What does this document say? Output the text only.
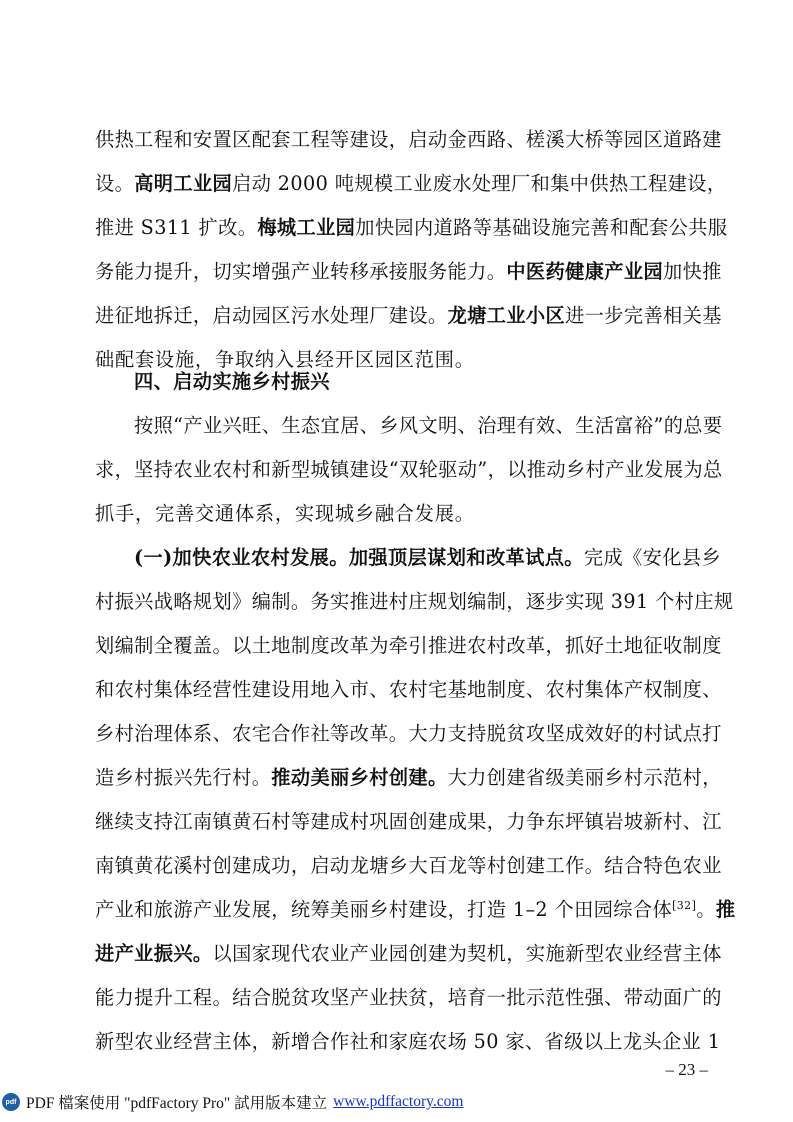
供热工程和安置区配套工程等建设，启动金西路、槎溪大桥等园区道路建
设。高明工业园启动 2000 吨规模工业废水处理厂和集中供热工程建设，
推进 S311 扩改。梅城工业园加快园内道路等基础设施完善和配套公共服
务能力提升，切实增强产业转移承接服务能力。中医药健康产业园加快推
进征地拆迁，启动园区污水处理厂建设。龙塘工业小区进一步完善相关基
础配套设施，争取纳入县经开区园区范围。
四、启动实施乡村振兴
按照“产业兴旺、生态宜居、乡风文明、治理有效、生活富裕”的总要
求，坚持农业农村和新型城镇建设“双轮驱动”，以推动乡村产业发展为总
抓手，完善交通体系，实现城乡融合发展。
(一)加快农业农村发展。加强顶层谋划和改革试点。完成《安化县乡
村振兴战略规划》编制。务实推进村庄规划编制，逐步实现 391 个村庄规
划编制全覆盖。以土地制度改革为牵引推进农村改革，抓好土地征收制度
和农村集体经营性建设用地入市、农村宅基地制度、农村集体产权制度、
乡村治理体系、农宅合作社等改革。大力支持脱贫攻坚成效好的村试点打
造乡村振兴先行村。推动美丽乡村创建。大力创建省级美丽乡村示范村，
继续支持江南镇黄石村等建成村巩固创建成果，力争东坪镇岩坡新村、江
南镇黄花溪村创建成功，启动龙塘乡大百龙等村创建工作。结合特色农业
产业和旅游产业发展，统筹美丽乡村建设，打造 1–2 个田园综合体[32]。推
进产业振兴。以国家现代农业产业园创建为契机，实施新型农业经营主体
能力提升工程。结合脱贫攻坚产业扶贫，培育一批示范性强、带动面广的
新型农业经营主体，新增合作社和家庭农场 50 家、省级以上龙头企业 1
– 23 –
pdf PDF 檔案使用 "pdfFactory Pro" 試用版本建立 www.pdffactory.com
